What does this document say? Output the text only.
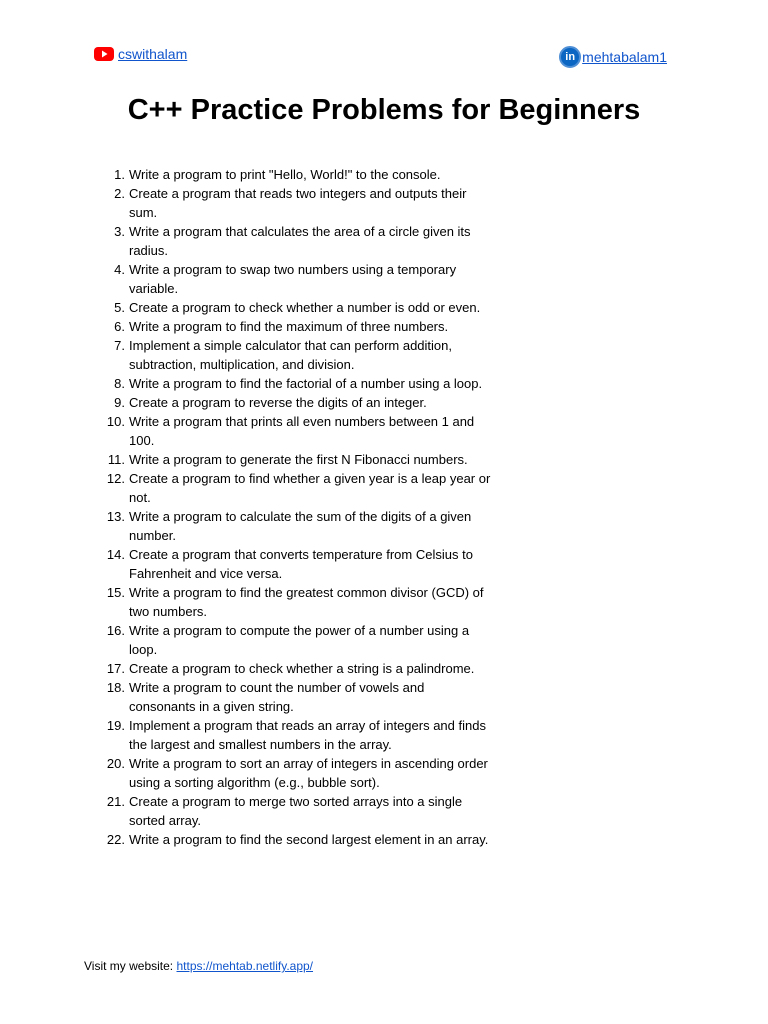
cswithalam	in mehtabalam1
C++ Practice Problems for Beginners
1. Write a program to print "Hello, World!" to the console.
2. Create a program that reads two integers and outputs their sum.
3. Write a program that calculates the area of a circle given its radius.
4. Write a program to swap two numbers using a temporary variable.
5. Create a program to check whether a number is odd or even.
6. Write a program to find the maximum of three numbers.
7. Implement a simple calculator that can perform addition, subtraction, multiplication, and division.
8. Write a program to find the factorial of a number using a loop.
9. Create a program to reverse the digits of an integer.
10. Write a program that prints all even numbers between 1 and 100.
11. Write a program to generate the first N Fibonacci numbers.
12. Create a program to find whether a given year is a leap year or not.
13. Write a program to calculate the sum of the digits of a given number.
14. Create a program that converts temperature from Celsius to Fahrenheit and vice versa.
15. Write a program to find the greatest common divisor (GCD) of two numbers.
16. Write a program to compute the power of a number using a loop.
17. Create a program to check whether a string is a palindrome.
18. Write a program to count the number of vowels and consonants in a given string.
19. Implement a program that reads an array of integers and finds the largest and smallest numbers in the array.
20. Write a program to sort an array of integers in ascending order using a sorting algorithm (e.g., bubble sort).
21. Create a program to merge two sorted arrays into a single sorted array.
22. Write a program to find the second largest element in an array.
Visit my website: https://mehtab.netlify.app/
